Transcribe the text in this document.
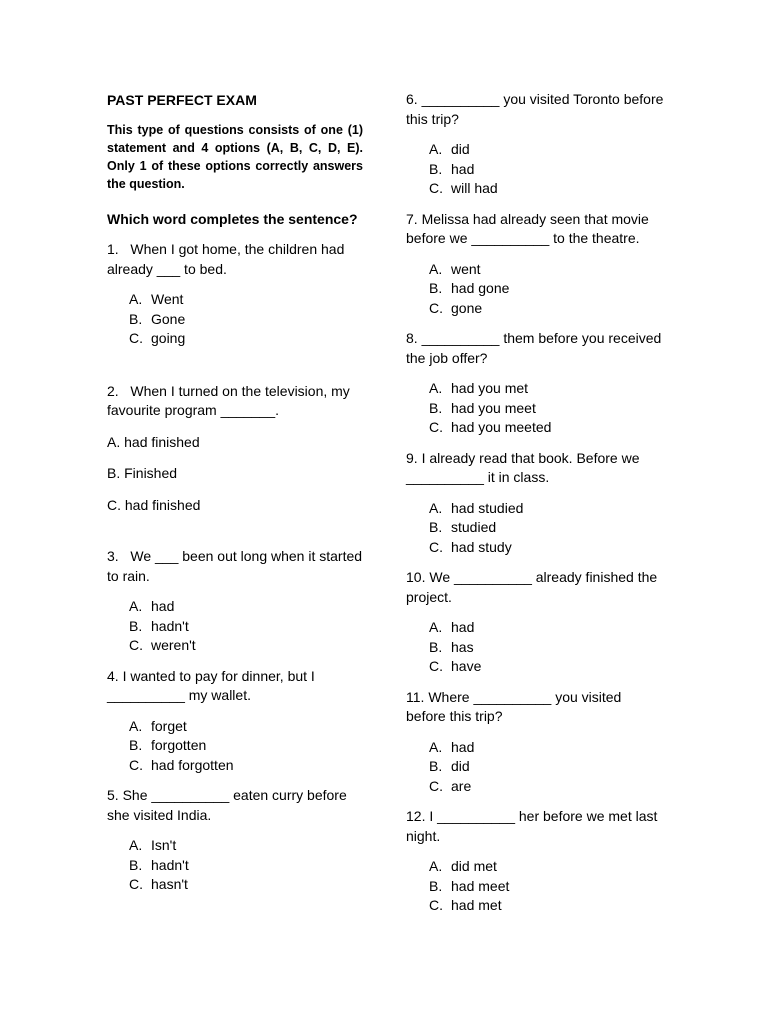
PAST PERFECT EXAM
This type of questions consists of one (1) statement and 4 options (A, B, C, D, E). Only 1 of these options correctly answers the question.
Which word completes the sentence?

1. When I got home, the children had already ___ to bed.

A. Went
B. Gone
C. going

2. When I turned on the television, my favourite program _______.

A. had finished

B. Finished

C. had finished

3. We ___ been out long when it started to rain.

A. had
B. hadn't
C. weren't

4. I wanted to pay for dinner, but I __________ my wallet.

A. forget
B. forgotten
C. had forgotten

5. She __________ eaten curry before she visited India.

A. Isn't
B. hadn't
C. hasn't

6. __________ you visited Toronto before this trip?

A. did
B. had
C. will had

7. Melissa had already seen that movie before we __________ to the theatre.

A. went
B. had gone
C. gone

8. __________ them before you received the job offer?

A. had you met
B. had you meet
C. had you meeted

9. I already read that book. Before we __________ it in class.

A. had studied
B. studied
C. had study

10. We __________ already finished the project.

A. had
B. has
C. have

11. Where __________ you visited before this trip?

A. had
B. did
C. are

12. I __________ her before we met last night.

A. did met
B. had meet
C. had met
